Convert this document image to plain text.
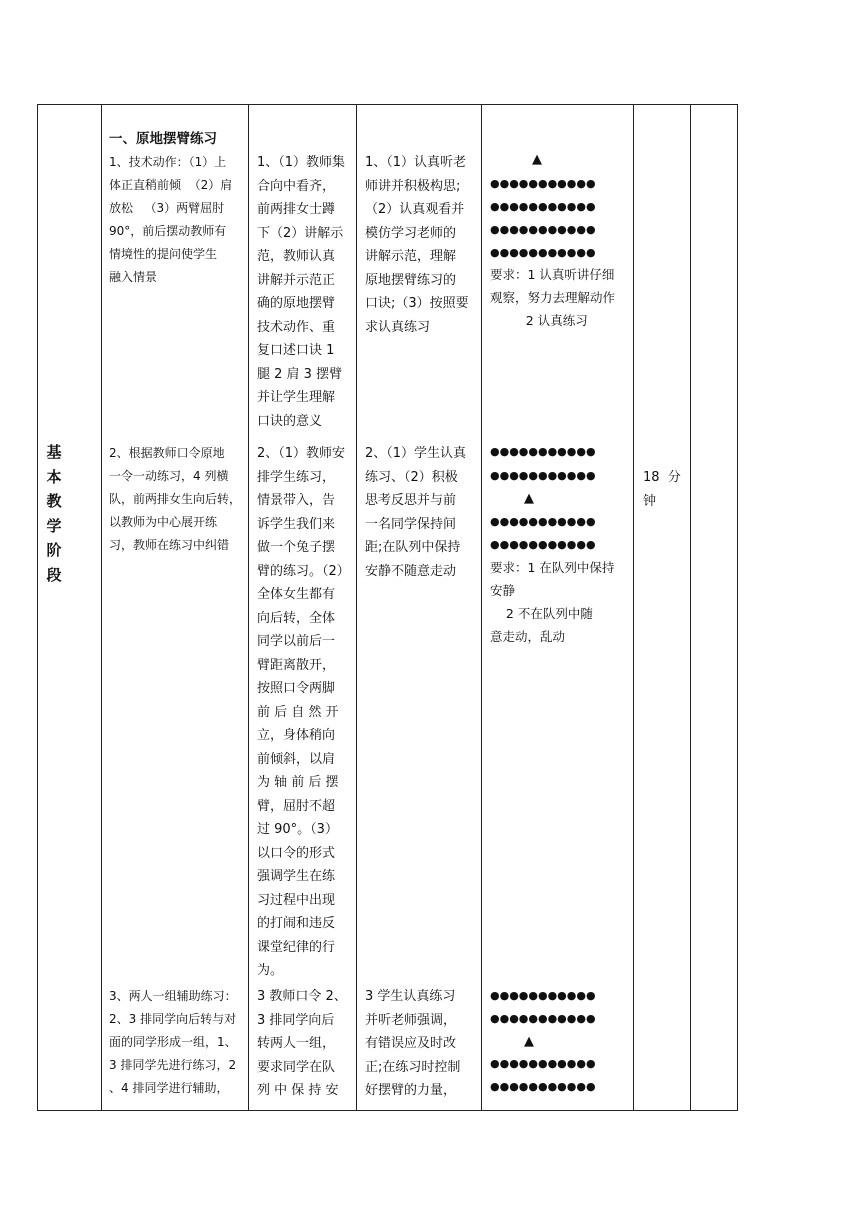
基
本
教
学
阶
段
18  分
钟
一、原地摆臂练习
1、技术动作：（1）上
体正直稍前倾  （2）肩
放松   （3）两臂屈肘
90°，前后摆动教师有
情境性的提问使学生
融入情景
1、（1）教师集
合向中看齐，
前两排女士蹲
下（2）讲解示
范，教师认真
讲解并示范正
确的原地摆臂
技术动作、重
复口述口诀 1
腿 2 肩 3 摆臂
并让学生理解
口诀的意义
1、（1）认真听老
师讲并积极构思;
（2）认真观看并
模仿学习老师的
讲解示范，理解
原地摆臂练习的
口诀;（3）按照要
求认真练习
▲
●●●●●●●●●●●
●●●●●●●●●●●
●●●●●●●●●●●
●●●●●●●●●●●
要求：1 认真听讲仔细
观察，努力去理解动作
2 认真练习
2、根据教师口令原地
一令一动练习，4 列横
队，前两排女生向后转，
以教师为中心展开练
习，教师在练习中纠错
2、（1）教师安
排学生练习，
情景带入，告
诉学生我们来
做一个兔子摆
臂的练习。（2）
全体女生都有
向后转，全体
同学以前后一
臂距离散开，
按照口令两脚
前 后 自 然 开
立，身体稍向
前倾斜，以肩
为 轴 前 后 摆
臂，屈肘不超
过 90°。（3）
以口令的形式
强调学生在练
习过程中出现
的打闹和违反
课堂纪律的行
为。
2、（1）学生认真
练习、（2）积极
思考反思并与前
一名同学保持间
距;在队列中保持
安静不随意走动
●●●●●●●●●●●
●●●●●●●●●●●
▲
●●●●●●●●●●●
●●●●●●●●●●●
要求：1 在队列中保持
安静
2 不在队列中随
意走动，乱动
3、两人一组辅助练习：
2、3 排同学向后转与对
面的同学形成一组，1、
3 排同学先进行练习，2
、4 排同学进行辅助，
3 教师口令 2、
3 排同学向后
转两人一组，
要求同学在队
列 中 保 持 安
3 学生认真练习
并听老师强调，
有错误应及时改
正;在练习时控制
好摆臂的力量，
●●●●●●●●●●●
●●●●●●●●●●●
▲
●●●●●●●●●●●
●●●●●●●●●●●
